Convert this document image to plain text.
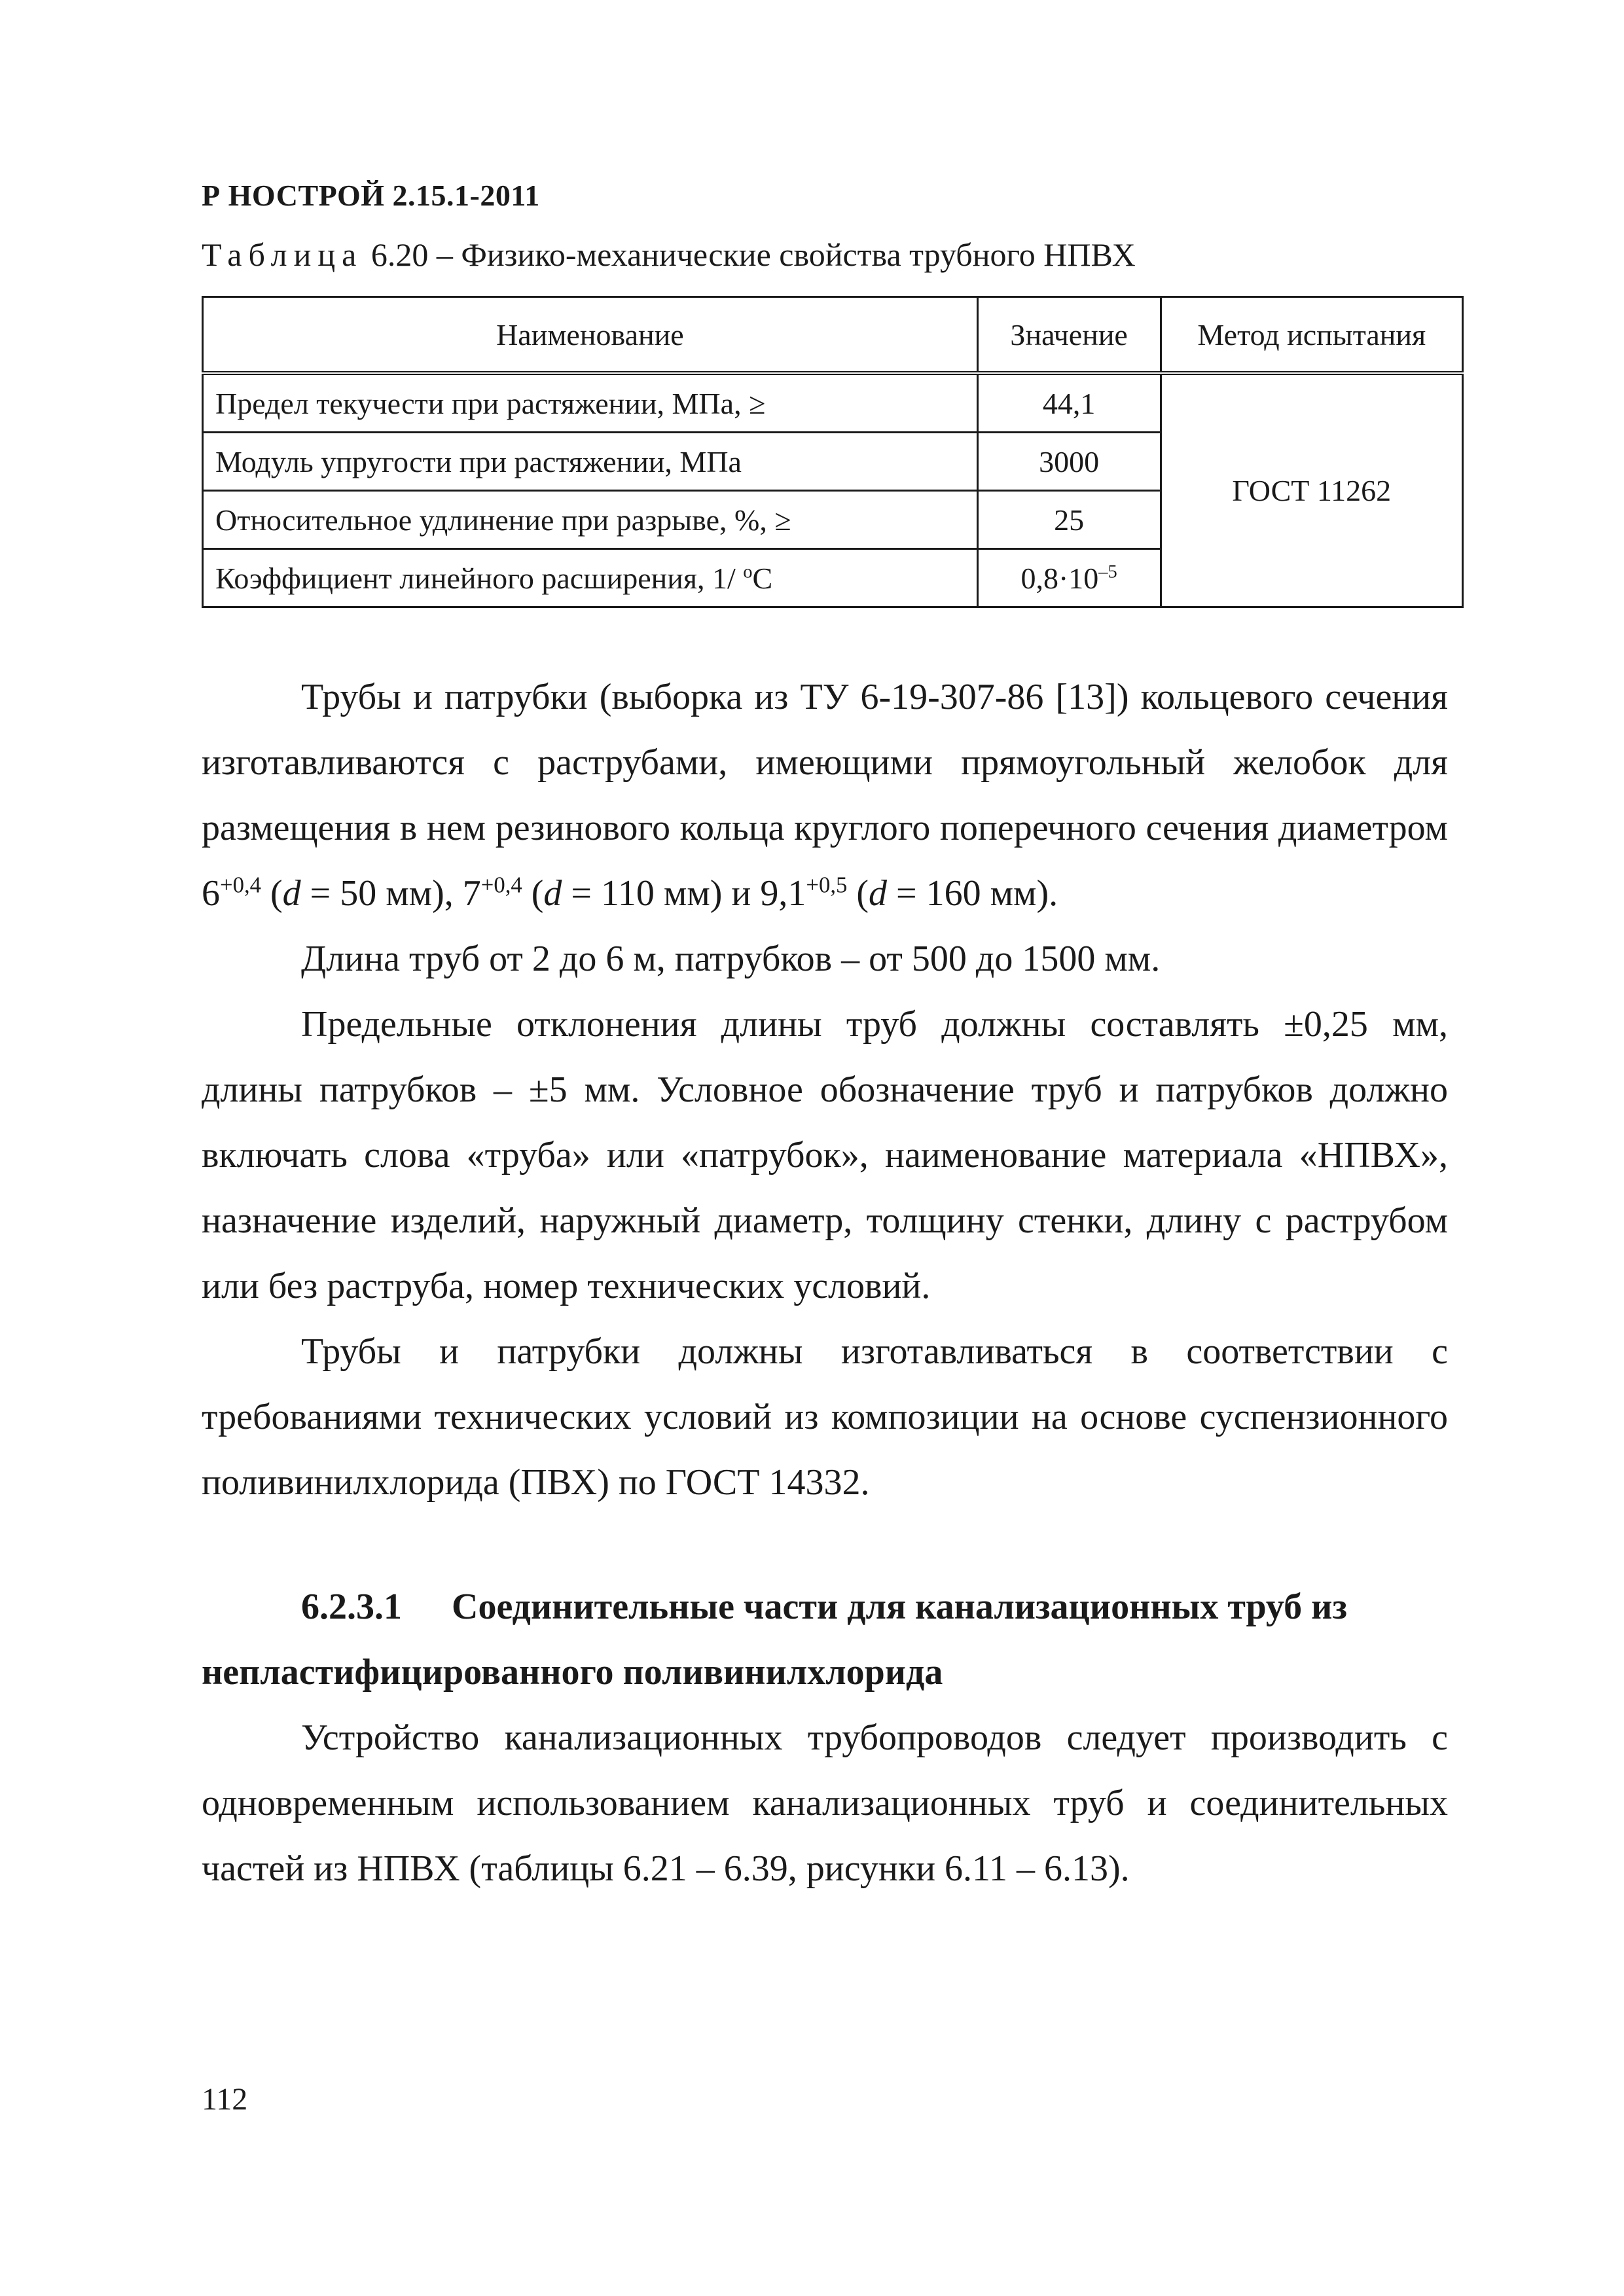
Р НОСТРОЙ 2.15.1-2011
Таблица 6.20 – Физико-механические свойства трубного НПВХ
Наименование	Значение	Метод испытания
Предел текучести при растяжении, МПа, ≥	44,1	ГОСТ 11262
Модуль упругости при растяжении, МПа	3000	
Относительное удлинение при разрыве, %, ≥	25	
Коэффициент линейного расширения, 1/ $^o$С	$0,8\cdot 10^{-5}$

Трубы и патрубки (выборка из ТУ 6-19-307-86 [13]) кольцевого сечения изготавливаются с раструбами, имеющими прямоугольный желобок для размещения в нем резинового кольца круглого поперечного сечения диаметром $6^{+0,4}$ (d = 50 мм), $7^{+0,4}$ (d = 110 мм) и $9,1^{+0,5}$ (d = 160 мм).

Длина труб от 2 до 6 м, патрубков – от 500 до 1500 мм.

Предельные отклонения длины труб должны составлять ±0,25 мм, длины патрубков – ±5 мм. Условное обозначение труб и патрубков должно включать слова «труба» или «патрубок», наименование материала «НПВХ», назначение изделий, наружный диаметр, толщину стенки, длину с раструбом или без раструба, номер технических условий.

Трубы и патрубки должны изготавливаться в соответствии с требованиями технических условий из композиции на основе суспензионного поливинилхлорида (ПВХ) по ГОСТ 14332.

6.2.3.1 Соединительные части для канализационных труб из непластифицированного поливинилхлорида

Устройство канализационных трубопроводов следует производить с одновременным использованием канализационных труб и соединительных частей из НПВХ (таблицы 6.21 – 6.39, рисунки 6.11 – 6.13).

112
